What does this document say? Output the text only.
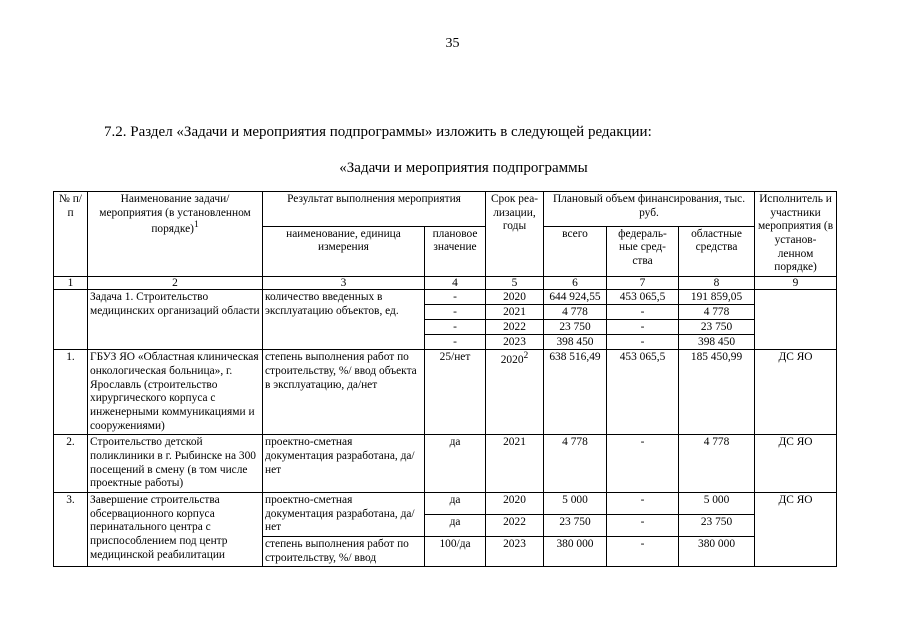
35
7.2. Раздел «Задачи и мероприятия подпрограммы» изложить в следующей редакции:
«Задачи и мероприятия подпрограммы
№ п/п	Наименование задачи/мероприятия (в установленном порядке)$^1$	Результат выполнения мероприятия		Срок реа-лизации, годы	Плановый объем финансирования, тыс. руб.			Исполнитель и участники мероприятия (в установ-ленном порядке)
		наименование, единица измерения	плановое значение		всего	федераль-ные сред-ства	областные средства	
1	2	3	4	5	6	7	8	9
	Задача 1. Строительство медицинских организаций области	количество введенных в эксплуатацию объектов, ед.	-	2020	644 924,55	453 065,5	191 859,05	
			-	2021	4 778	-	4 778	
			-	2022	23 750	-	23 750	
			-	2023	398 450	-	398 450	
1.	ГБУЗ ЯО «Областная клиническая онкологическая больница», г. Ярославль (строительство хирургического корпуса с инженерными коммуникациями и сооружениями)	степень выполнения работ по строительству, %/ ввод объекта в эксплуатацию, да/нет	25/нет	2020$^2$	638 516,49	453 065,5	185 450,99	ДС ЯО
2.	Строительство детской поликлиники в г. Рыбинске на 300 посещений в смену (в том числе проектные работы)	проектно-сметная документация разработана, да/нет	да	2021	4 778	-	4 778	ДС ЯО
3.	Завершение строительства обсервационного корпуса перинатального центра с приспособлением под центр медицинской реабилитации	проектно-сметная документация разработана, да/нет	да	2020	5 000	-	5 000	ДС ЯО
			да	2022	23 750	-	23 750	
		степень выполнения работ по строительству, %/ ввод	100/да	2023	380 000	-	380 000	
